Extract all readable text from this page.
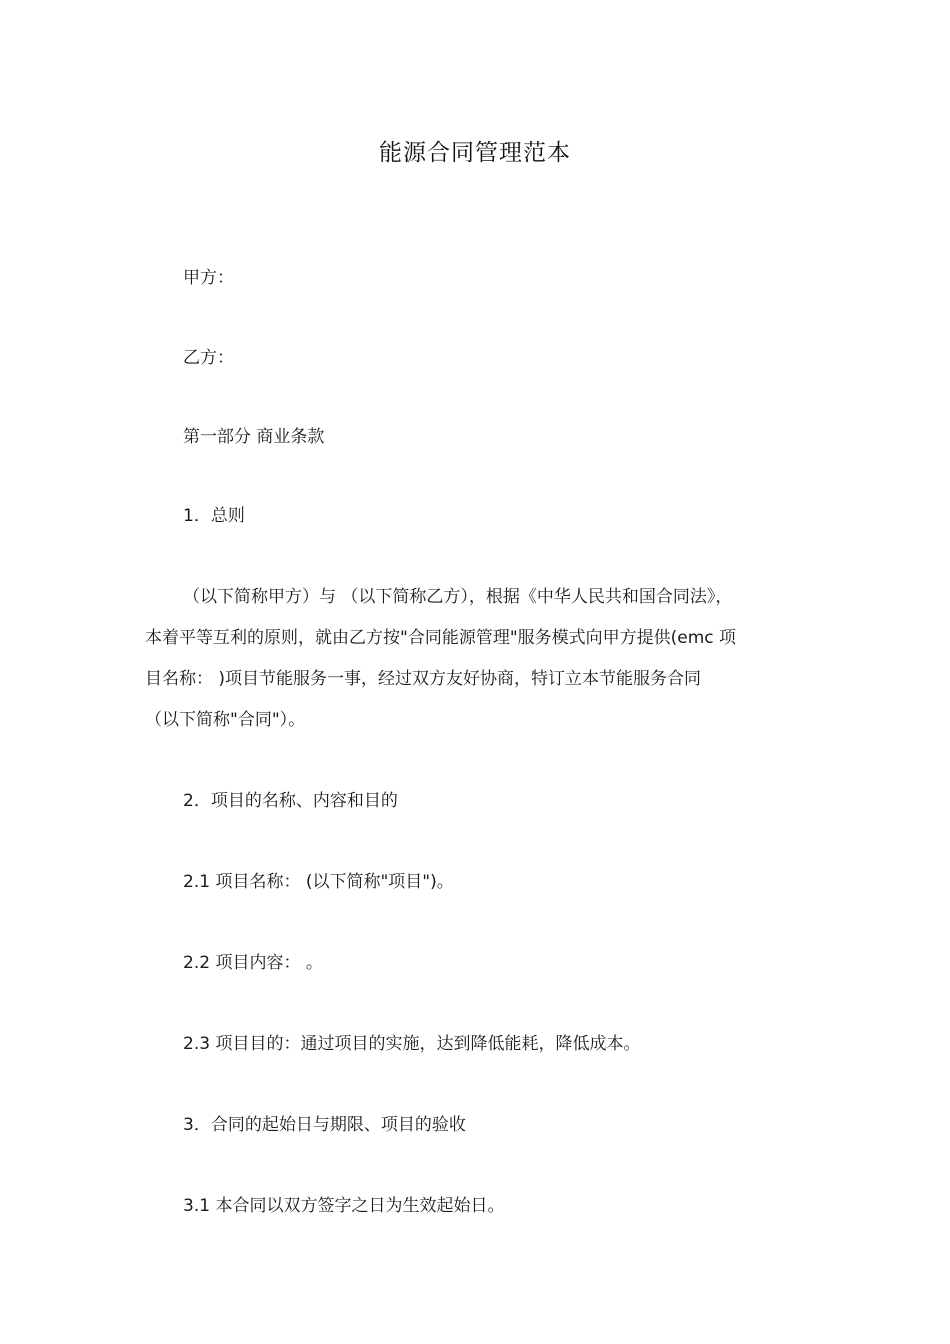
能源合同管理范本
甲方：
乙方：
第一部分 商业条款
1．总则
（以下简称甲方）与 （以下简称乙方），根据《中华人民共和国合同法》，
本着平等互利的原则，就由乙方按"合同能源管理"服务模式向甲方提供(emc 项
目名称： )项目节能服务一事，经过双方友好协商，特订立本节能服务合同
（以下简称"合同"）。
2．项目的名称、内容和目的
2.1 项目名称： (以下简称"项目")。
2.2 项目内容： 。
2.3 项目目的：通过项目的实施，达到降低能耗，降低成本。
3．合同的起始日与期限、项目的验收
3.1 本合同以双方签字之日为生效起始日。
